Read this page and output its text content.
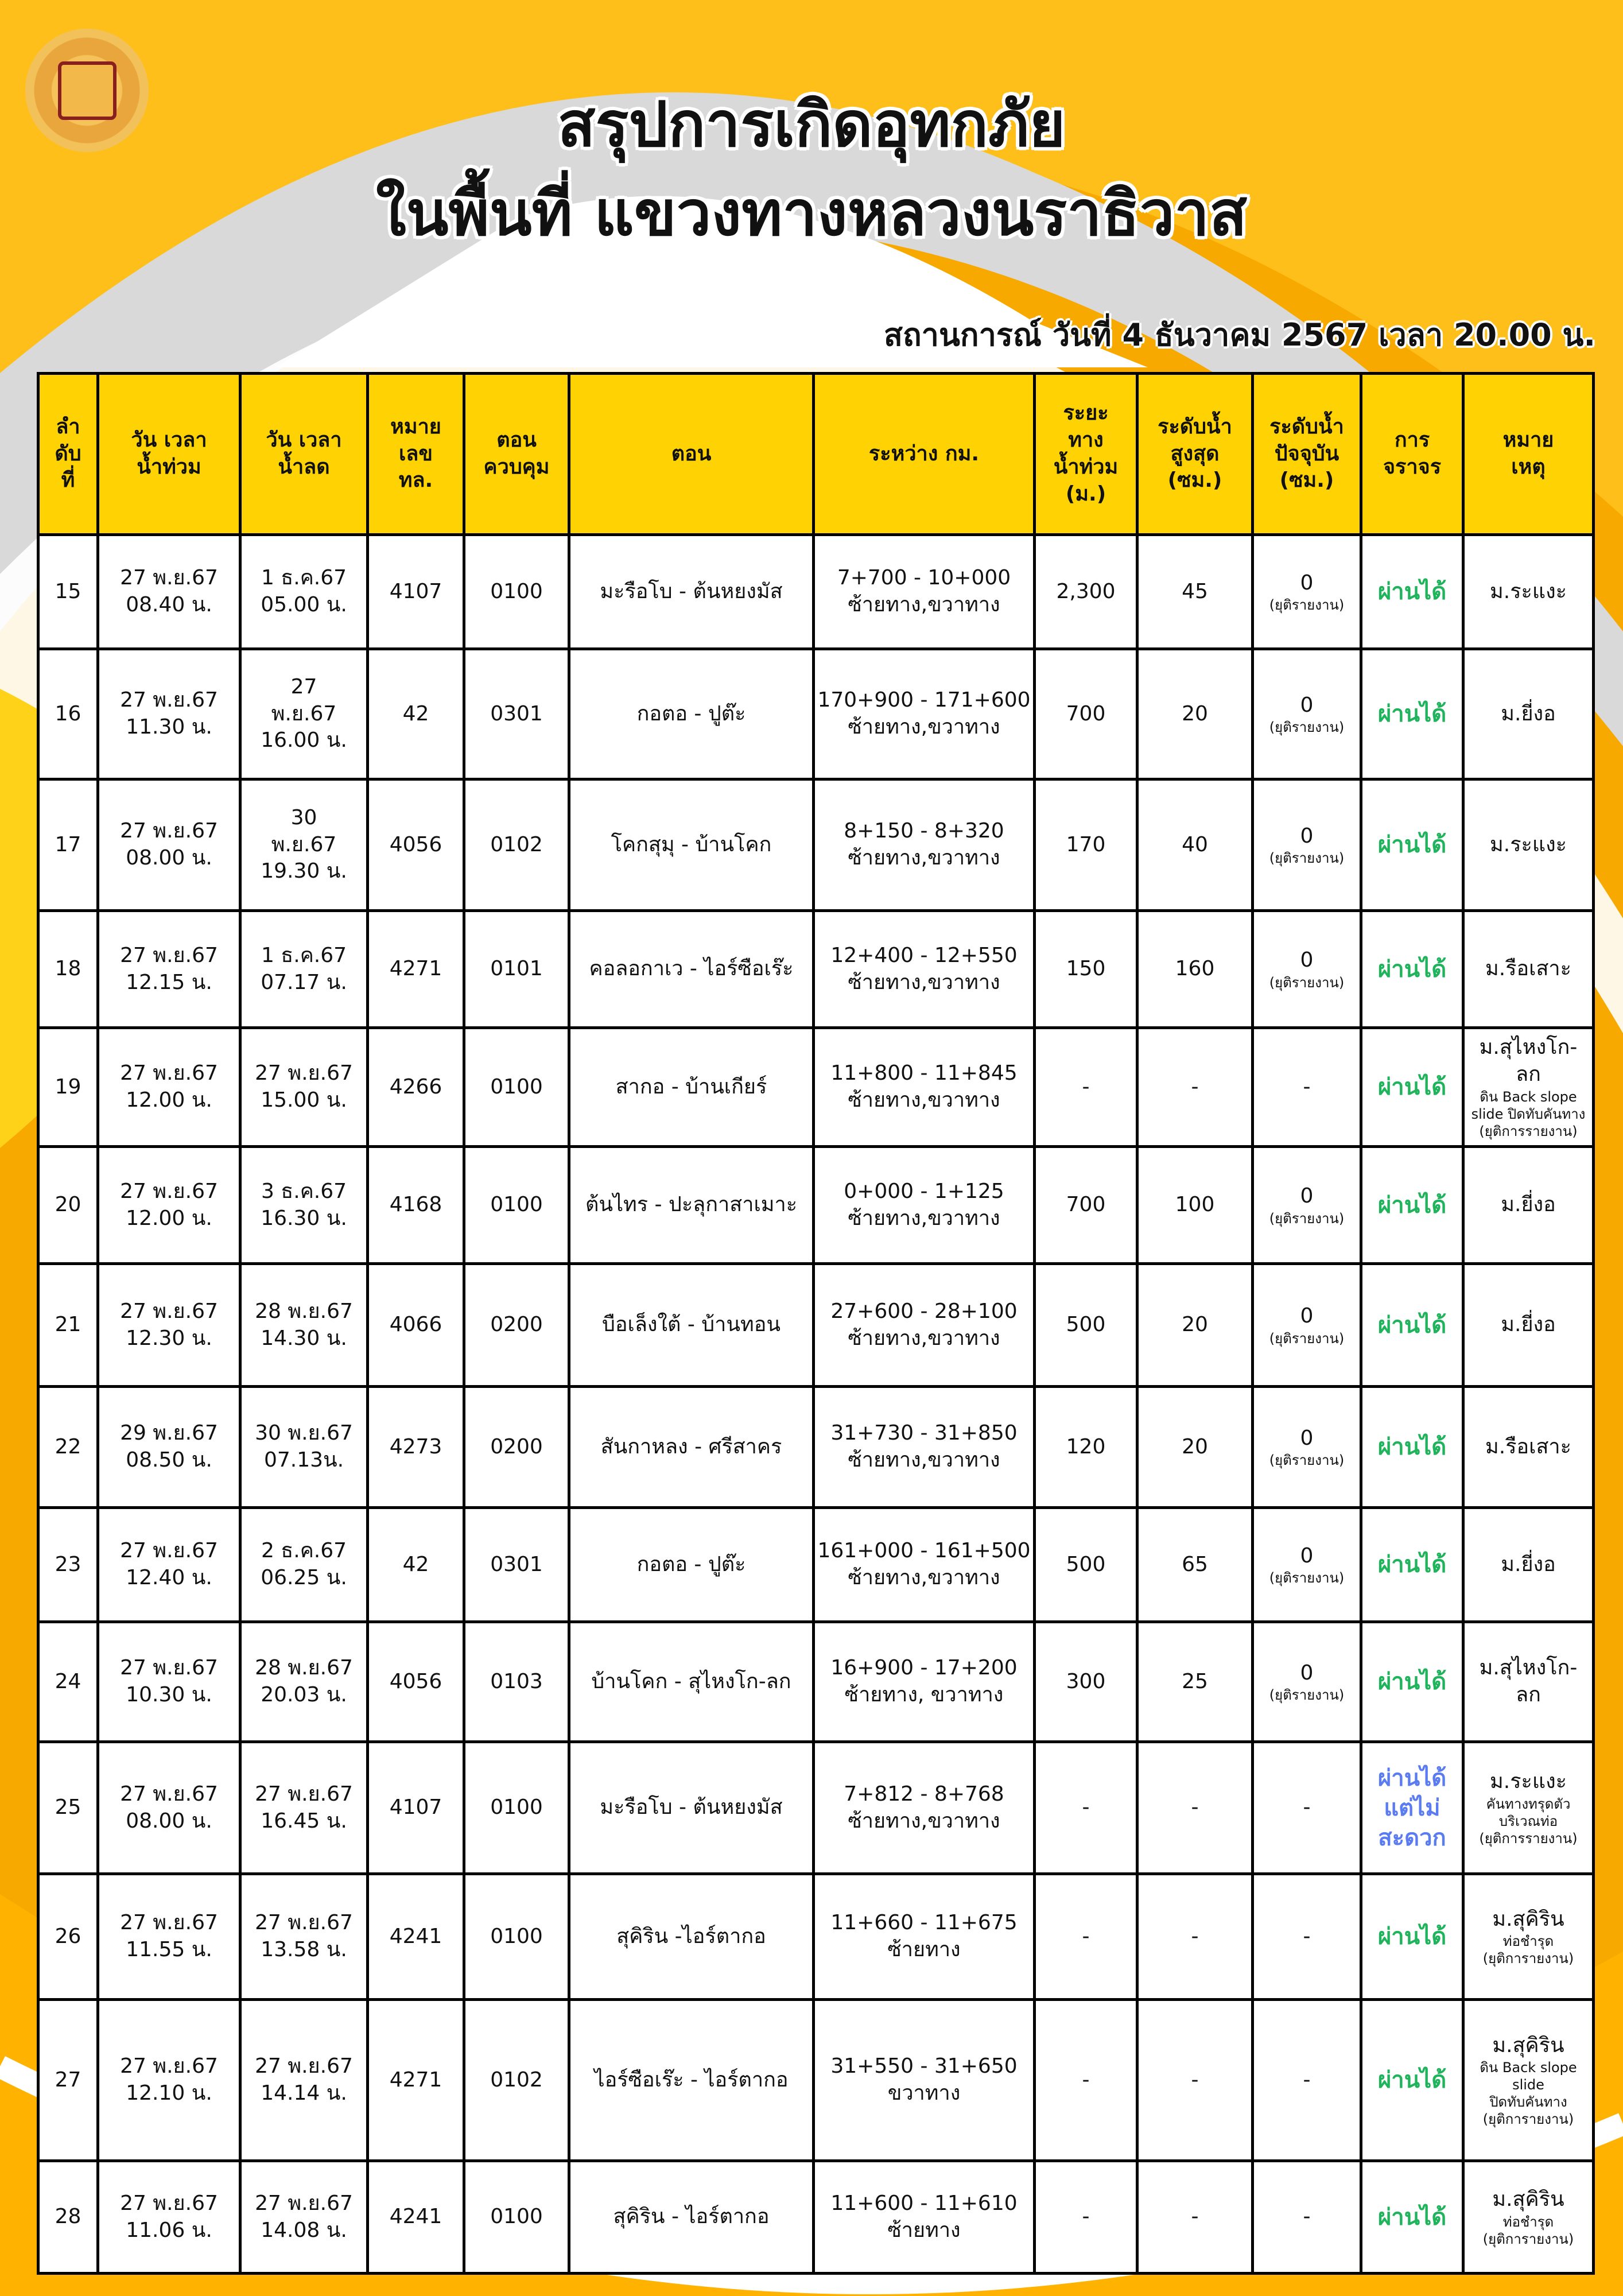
สรุปการเกิดอุทกภัย
ในพื้นที่ แขวงทางหลวงนราธิวาส
สถานการณ์ วันที่ 4 ธันวาคม 2567 เวลา 20.00 น.
ลำ
ดับ
ที่	วัน เวลา
น้ำท่วม	วัน เวลา
น้ำลด	หมาย
เลข
ทล.	ตอน
ควบคุม	ตอน	ระหว่าง กม.	ระยะ
ทาง
น้ำท่วม
(ม.)	ระดับน้ำ
สูงสุด
(ซม.)	ระดับน้ำ
ปัจจุบัน
(ซม.)	การ
จราจร	หมาย
เหตุ
15	27 พ.ย.67
08.40 น.	1 ธ.ค.67
05.00 น.	4107	0100	มะรือโบ - ต้นหยงมัส	7+700 - 10+000
ซ้ายทาง,ขวาทาง	2,300	45	0
(ยุติรายงาน)	ผ่านได้	ม.ระแงะ

16	27 พ.ย.67
11.30 น.	27
พ.ย.67
16.00 น.	42	0301	กอตอ - ปูต๊ะ	170+900 - 171+600
ซ้ายทาง,ขวาทาง	700	20	0
(ยุติรายงาน)	ผ่านได้	ม.ยี่งอ

17	27 พ.ย.67
08.00 น.	30
พ.ย.67
19.30 น.	4056	0102	โคกสุมุ - บ้านโคก	8+150 - 8+320
ซ้ายทาง,ขวาทาง	170	40	0
(ยุติรายงาน)	ผ่านได้	ม.ระแงะ

18	27 พ.ย.67
12.15 น.	1 ธ.ค.67
07.17 น.	4271	0101	คอลอกาเว - ไอร์ซือเร๊ะ	12+400 - 12+550
ซ้ายทาง,ขวาทาง	150	160	0
(ยุติรายงาน)	ผ่านได้	ม.รือเสาะ

19	27 พ.ย.67
12.00 น.	27 พ.ย.67
15.00 น.	4266	0100	สากอ - บ้านเกียร์	11+800 - 11+845
ซ้ายทาง,ขวาทาง	-	-	-	ผ่านได้	ม.สุไหงโก-ลก
ดิน Back slope
slide ปิดทับคันทาง
(ยุติการรายงาน)

20	27 พ.ย.67
12.00 น.	3 ธ.ค.67
16.30 น.	4168	0100	ต้นไทร - ปะลุกาสาเมาะ	0+000 - 1+125
ซ้ายทาง,ขวาทาง	700	100	0
(ยุติรายงาน)	ผ่านได้	ม.ยี่งอ

21	27 พ.ย.67
12.30 น.	28 พ.ย.67
14.30 น.	4066	0200	บือเล็งใต้ - บ้านทอน	27+600 - 28+100
ซ้ายทาง,ขวาทาง	500	20	0
(ยุติรายงาน)	ผ่านได้	ม.ยี่งอ

22	29 พ.ย.67
08.50 น.	30 พ.ย.67
07.13น.	4273	0200	สันกาหลง - ศรีสาคร	31+730 - 31+850
ซ้ายทาง,ขวาทาง	120	20	0
(ยุติรายงาน)	ผ่านได้	ม.รือเสาะ

23	27 พ.ย.67
12.40 น.	2 ธ.ค.67
06.25 น.	42	0301	กอตอ - ปูต๊ะ	161+000 - 161+500
ซ้ายทาง,ขวาทาง	500	65	0
(ยุติรายงาน)	ผ่านได้	ม.ยี่งอ

24	27 พ.ย.67
10.30 น.	28 พ.ย.67
20.03 น.	4056	0103	บ้านโคก - สุไหงโก-ลก	16+900 - 17+200
ซ้ายทาง, ขวาทาง	300	25	0
(ยุติรายงาน)	ผ่านได้	ม.สุไหงโก-ลก

25	27 พ.ย.67
08.00 น.	27 พ.ย.67
16.45 น.	4107	0100	มะรือโบ - ต้นหยงมัส	7+812 - 8+768
ซ้ายทาง,ขวาทาง	-	-	-	ผ่านได้
แต่ไม่
สะดวก	ม.ระแงะ
คันทางทรุดตัว
บริเวณท่อ
(ยุติการรายงาน)

26	27 พ.ย.67
11.55 น.	27 พ.ย.67
13.58 น.	4241	0100	สุคิริน -ไอร์ตากอ	11+660 - 11+675
ซ้ายทาง	-	-	-	ผ่านได้	ม.สุคิริน
ท่อชำรุด
(ยุติการายงาน)

27	27 พ.ย.67
12.10 น.	27 พ.ย.67
14.14 น.	4271	0102	ไอร์ซือเร๊ะ - ไอร์ตากอ	31+550 - 31+650
ขวาทาง	-	-	-	ผ่านได้	ม.สุคิริน
ดิน Back slope
slide
ปิดทับคันทาง
(ยุติการายงาน)

28	27 พ.ย.67
11.06 น.	27 พ.ย.67
14.08 น.	4241	0100	สุคิริน - ไอร์ตากอ	11+600 - 11+610
ซ้ายทาง	-	-	-	ผ่านได้	ม.สุคิริน
ท่อชำรุด
(ยุติการายงาน)
